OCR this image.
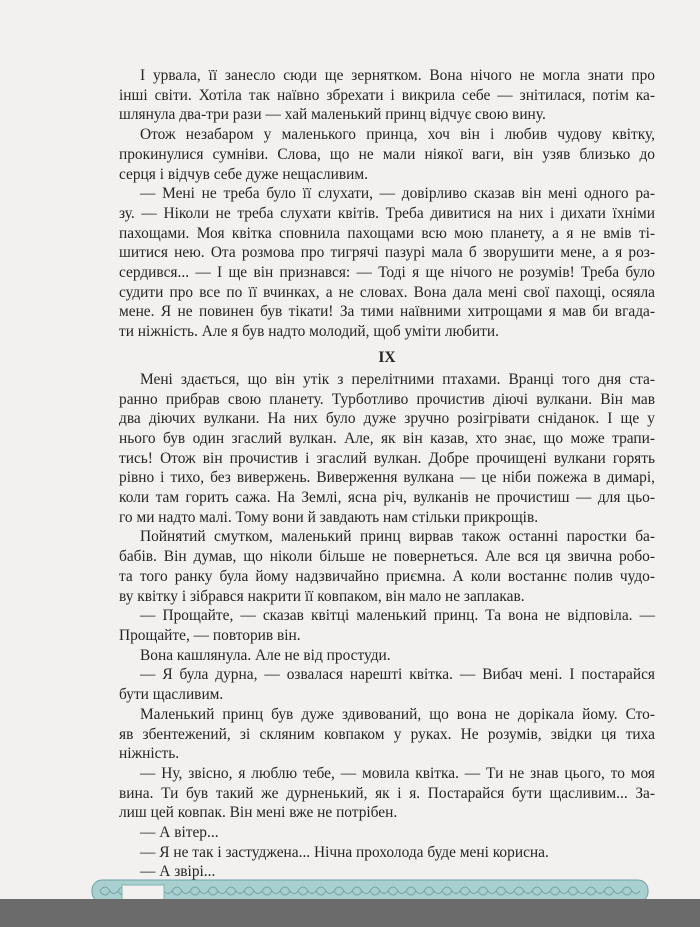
І урвала, її занесло сюди ще зернятком. Вона нічого не могла знати про
інші світи. Хотіла так наївно збрехати і викрила себе — знітилася, потім ка-
шлянула два-три рази — хай маленький принц відчує свою вину.

Отож незабаром у маленького принца, хоч він і любив чудову квітку,
прокинулися сумніви. Слова, що не мали ніякої ваги, він узяв близько до
серця і відчув себе дуже нещасливим.

— Мені не треба було її слухати, — довірливо сказав він мені одного ра-
зу. — Ніколи не треба слухати квітів. Треба дивитися на них і дихати їхніми
пахощами. Моя квітка сповнила пахощами всю мою планету, а я не вмів ті-
шитися нею. Ота розмова про тигрячі пазурі мала б зворушити мене, а я роз-
сердився... — І ще він признався: — Тоді я ще нічого не розумів! Треба було
судити про все по її вчинках, а не словах. Вона дала мені свої пахощі, осяяла
мене. Я не повинен був тікати! За тими наївними хитрощами я мав би вгада-
ти ніжність. Але я був надто молодий, щоб уміти любити.

IX

Мені здається, що він утік з перелітними птахами. Вранці того дня ста-
ранно прибрав свою планету. Турботливо прочистив діючі вулкани. Він мав
два діючих вулкани. На них було дуже зручно розігрівати сніданок. І ще у
нього був один згаслий вулкан. Але, як він казав, хто знає, що може трапи-
тись! Отож він прочистив і згаслий вулкан. Добре прочищені вулкани горять
рівно і тихо, без вивержень. Виверження вулкана — це ніби пожежа в димарі,
коли там горить сажа. На Землі, ясна річ, вулканів не прочистиш — для цьо-
го ми надто малі. Тому вони й завдають нам стільки прикрощів.

Пойнятий смутком, маленький принц вирвав також останні паростки ба-
бабів. Він думав, що ніколи більше не повернеться. Але вся ця звична робо-
та того ранку була йому надзвичайно приємна. А коли востаннє полив чудо-
ву квітку і зібрався накрити її ковпаком, він мало не заплакав.

— Прощайте, — сказав квітці маленький принц. Та вона не відповіла. —
Прощайте, — повторив він.

Вона кашлянула. Але не від простуди.

— Я була дурна, — озвалася нарешті квітка. — Вибач мені. І постарайся
бути щасливим.

Маленький принц був дуже здивований, що вона не дорікала йому. Сто-
яв збентежений, зі скляним ковпаком у руках. Не розумів, звідки ця тиха
ніжність.

— Ну, звісно, я люблю тебе, — мовила квітка. — Ти не знав цього, то моя
вина. Ти був такий же дурненький, як і я. Постарайся бути щасливим... За-
лиш цей ковпак. Він мені вже не потрібен.

— А вітер...

— Я не так і застуджена... Нічна прохолода буде мені корисна.

— А звірі...
